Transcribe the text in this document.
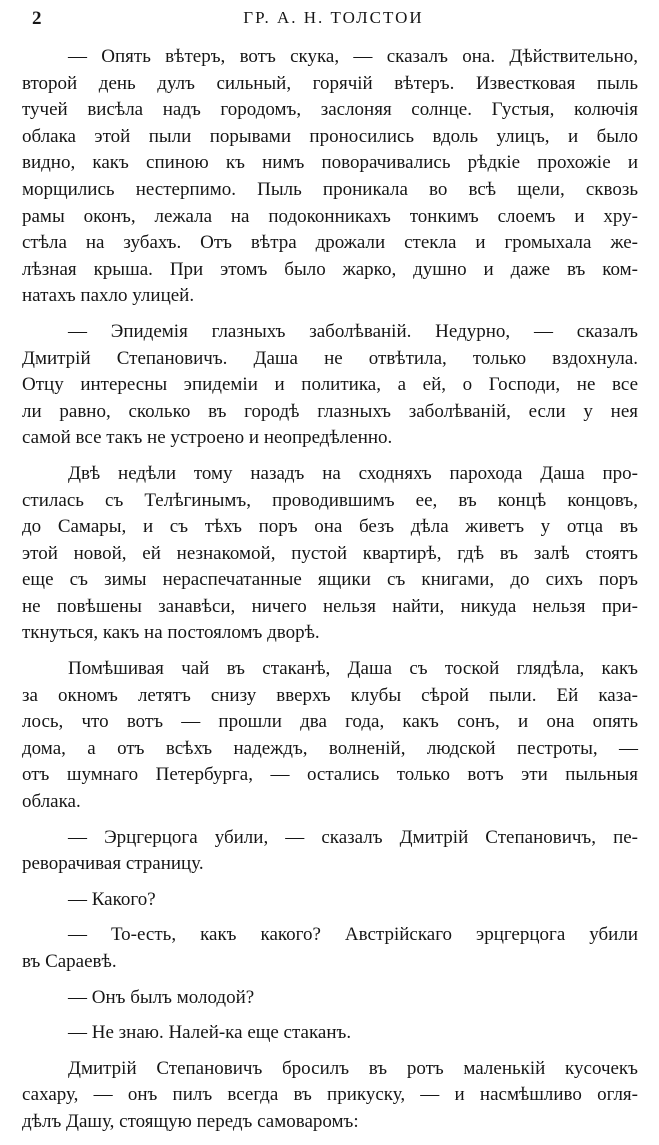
2	ГР. А. Н. ТОЛСТОИ
— Опять вѣтеръ, вотъ скука, — сказалъ она. Дѣйствительно,
второй день дулъ сильный, горячій вѣтеръ. Известковая пыль
тучей висѣла надъ городомъ, заслоняя солнце. Густыя, колючія
облака этой пыли порывами проносились вдоль улицъ, и было
видно, какъ спиною къ нимъ поворачивались рѣдкіе прохожіе и
морщились нестерпимо. Пыль проникала во всѣ щели, сквозь
рамы оконъ, лежала на подоконникахъ тонкимъ слоемъ и хру-
стѣла на зубахъ. Отъ вѣтра дрожали стекла и громыхала же-
лѣзная крыша. При этомъ было жарко, душно и даже въ ком-
натахъ пахло улицей.
— Эпидемія глазныхъ заболѣваній. Недурно, — сказалъ
Дмитрій Степановичъ. Даша не отвѣтила, только вздохнула.
Отцу интересны эпидеміи и политика, а ей, о Господи, не все
ли равно, сколько въ городѣ глазныхъ заболѣваній, если у нея
самой все такъ не устроено и неопредѣленно.
Двѣ недѣли тому назадъ на сходняхъ парохода Даша про-
стилась съ Телѣгинымъ, проводившимъ ее, въ концѣ концовъ,
до Самары, и съ тѣхъ поръ она безъ дѣла живетъ у отца въ
этой новой, ей незнакомой, пустой квартирѣ, гдѣ въ залѣ стоятъ
еще съ зимы нераспечатанные ящики съ книгами, до сихъ поръ
не повѣшены занавѣси, ничего нельзя найти, никуда нельзя при-
ткнуться, какъ на постояломъ дворѣ.
Помѣшивая чай въ стаканѣ, Даша съ тоской глядѣла, какъ
за окномъ летятъ снизу вверхъ клубы сѣрой пыли. Ей каза-
лось, что вотъ — прошли два года, какъ сонъ, и она опять
дома, а отъ всѣхъ надеждъ, волненій, людской пестроты, —
отъ шумнаго Петербурга, — остались только вотъ эти пыльныя
облака.
— Эрцгерцога убили, — сказалъ Дмитрій Степановичъ, пе-
реворачивая страницу.
— Какого?
— То-есть, какъ какого? Австрійскаго эрцгерцога убили
въ Сараевѣ.
— Онъ былъ молодой?
— Не знаю. Налей-ка еще стаканъ.
Дмитрій Степановичъ бросилъ въ ротъ маленькій кусочекъ
сахару, — онъ пилъ всегда въ прикуску, — и насмѣшливо огля-
дѣлъ Дашу, стоящую передъ самоваромъ:
